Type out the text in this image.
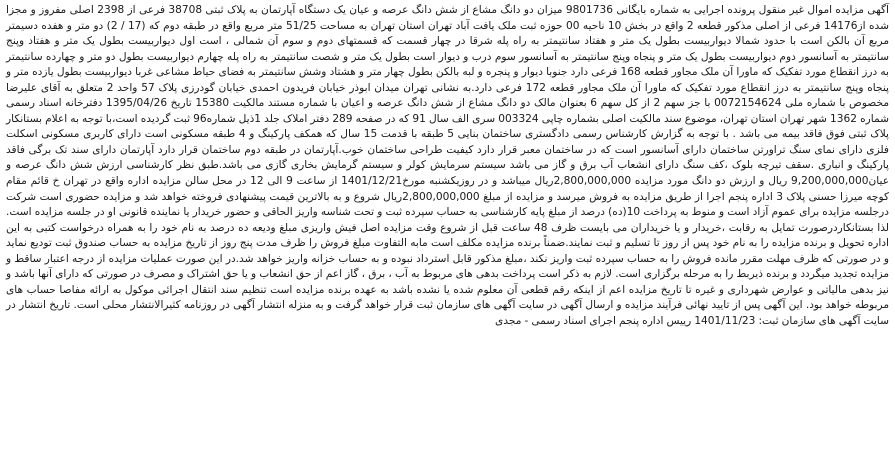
آگهی مزایده اموال غیر منقول پرونده اجرایی به شماره بایگانی 9801736 میزان دو دانگ مشاع از شش دانگ عرصه و عیان یک دستگاه آپارتمان به پلاک ثبتی 38708 فرعی از 2398 اصلی مفروز و مجزا شده از14176 فرعی از اصلی مذکور قطعه 2 واقع در بخش 10 ناحیه 00 حوزه ثبت ملک یافت آباد تهران استان تهران به مساحت 51/25 متر مربع واقع در طبقه دوم که (17 / 2) دو متر و هفده دسیمتر مربع آن بالکن است با حدود شمالا دیواربیست بطول یک متر و هفتاد سانتیمتر به راه پله شرقا در چهار قسمت که قسمتهای دوم و سوم آن شمالی ، است اول دیواربیست بطول یک متر و هفتاد وپنج سانتیمتر به آسانسور دوم دیواربیست بطول یک متر و پنجاه وپنج سانتیمتر به آسانسور سوم درب و دیوار است بطول یک متر و شصت سانتیمتر به راه پله چهارم دیواربیست بطول دو متر و چهارده سانتیمتر به درز انقطاع مورد تفکیک که ماورا آن ملک مجاور قطعه 168 فرعی دارد جنوبا دیوار و پنجره و لبه بالکن بطول چهار متر و هشتاد وشش سانتیمتر به فضای حیاط مشاعی غربا دیواربیست بطول یازده متر و پنجاه وپنج سانتیمتر به درز انقطاع مورد تفکیک که ماورا آن ملک مجاور قطعه 172 فرعی دارد.به نشانی تهران میدان ابوذر خیابان فریدون احمدی خیابان گودرزی پلاک 57 واحد 2 متعلق به آقای علیرضا مخصوص با شماره ملی 0072154624 با جز سهم 2 از کل سهم 6 بعنوان مالک دو دانگ مشاع از شش دانگ عرصه و اعیان با شماره مستند مالکیت 15380 تاریخ 1395/04/26 دفترخانه اسناد رسمی شماره 1362 شهر تهران استان تهران، موضوع سند مالکیت اصلی بشماره چاپی 003324 سری الف سال 91 که در صفحه 289 دفتر املاک جلد 1ذیل شماره96 ثبت گردیده است،با توجه به اعلام بستانکار پلاک ثبتی فوق فاقد بیمه می باشد . با توجه به گزارش کارشناس رسمی دادگستری ساختمان بنایی 5 طبقه با قدمت 15 سال که همکف پارکینگ و 4 طبقه مسکونی است دارای کاربری مسکونی اسکلت فلزی دارای نمای سنگ تراورتن ساختمان دارای آسانسور است که در ساختمان معبر قرار دارد کیفیت طراحی ساختمان خوب.آپارتمان در طبقه دوم ساختمان قرار دارد آپارتمان دارای سند تک برگی فاقد پارکینگ و انباری .سقف تیرچه بلوک ،کف سنگ دارای انشعاب آب برق و گاز می باشد سیستم سرمایش کولر و سیستم گرمایش بخاری گازی می باشد.طبق نظر کارشناسی ارزش شش دانگ عرصه و عیان9,200,000,000 ریال و ارزش دو دانگ مورد مزایده 2,800,000,000ریال میباشد و در روزیکشنبه مورخ1401/12/21 از ساعت 9 الی 12 در محل سالن مزایده اداره واقع در تهران خ قائم مقام کوچه میرزا حسنی پلاک 3 اداره پنجم اجرا از طریق مزایده به فروش میرسد و مزایده از مبلغ 2,800,000,000ریال شروع و به بالاترین قیمت پیشنهادی فروخته خواهد شد و مزایده حضوری است شرکت درجلسه مزایده برای عموم آزاد است و منوط به پرداخت 10(ده) درصد از مبلغ پایه کارشناسی به حساب سپرده ثبت و تحت شناسه واریز الحاقی و حضور خریدار یا نماینده قانونی او در جلسه مزایده است. لذا بستانکاردرصورت تمایل به رقابت ،خریدار و یا خریداران می بایست ظرف 48 ساعت قبل از شروع وقت مزایده اصل فیش واریزی مبلغ ودیعه ده درصد به نام خود را به همراه درخواست کتبی به این اداره تحویل و برنده مزایده را به نام خود پس از روز تا تسلیم و ثبت نمایند.ضمناً برنده مزایده مکلف است مابه التفاوت مبلغ فروش را ظرف مدت پنج روز از تاریخ مزایده به حساب صندوق ثبت تودیع نماید و در صورتی که ظرف مهلت مقرر مانده فروش را به حساب سپرده ثبت واریز نکند ،مبلغ مذکور قابل استرداد نبوده و به حساب خزانه واریز خواهد شد.در این صورت عملیات مزایده از درجه اعتبار ساقط و مزایده تجدید میگردد و برنده ذیربط را به مرحله برگزاری است. لازم به ذکر است پرداخت بدهی های مربوط به آب ، برق ، گاز اعم از حق انشعاب و یا حق اشتراک و مصرف در صورتی که دارای آنها باشد و نیز بدهی مالیاتی و عوارض شهرداری و غیره تا تاریخ مزایده اعم از اینکه رقم قطعی آن معلوم شده یا نشده باشد به عهده برنده مزایده است تنظیم سند انتقال اجرائی موکول به ارائه مفاصا حساب های مربوطه خواهد بود. این آگهی پس از تایید نهائی فرآیند مزایده و ارسال آگهی در سایت آگهی های سازمان ثبت قرار خواهد گرفت و به منزله انتشار آگهی در روزنامه کثیرالانتشار محلی است. تاریخ انتشار در سایت آگهی های سازمان ثبت: 1401/11/23 رییس اداره پنجم اجرای اسناد رسمی - مجدی
